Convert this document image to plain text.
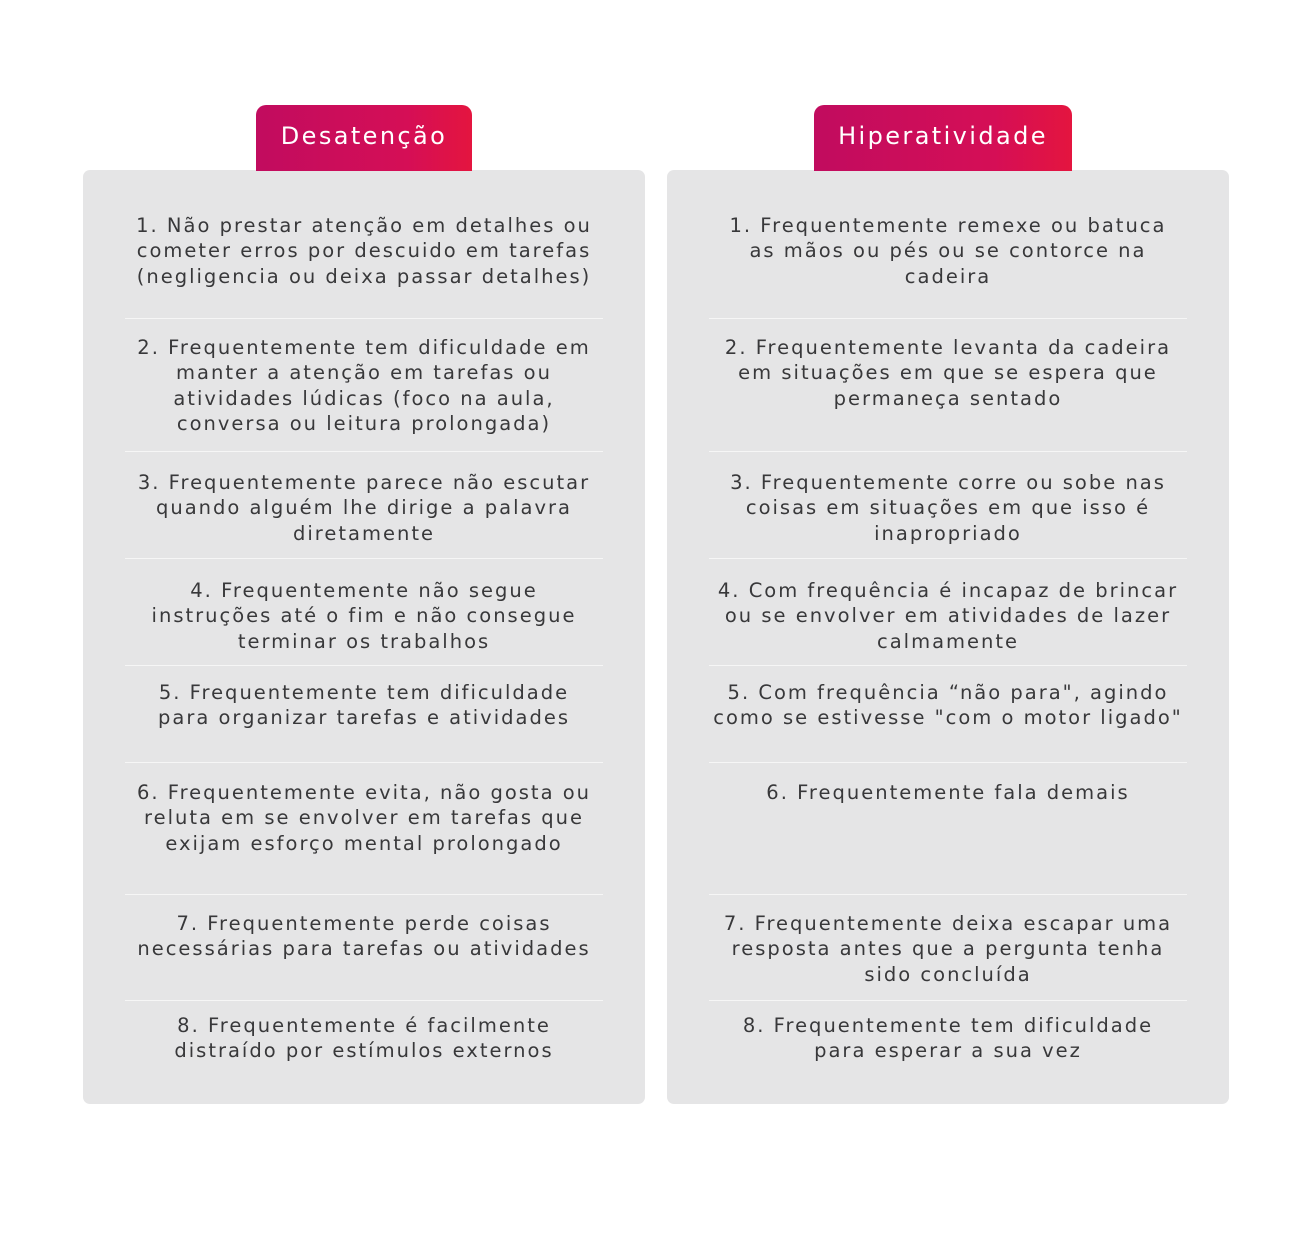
1. Não prestar atenção em detalhes ou cometer erros por descuido em tarefas (negligencia ou deixa passar detalhes)
2. Frequentemente tem dificuldade em manter a atenção em tarefas ou atividades lúdicas (foco na aula, conversa ou leitura prolongada)
3. Frequentemente parece não escutar quando alguém lhe dirige a palavra diretamente
4. Frequentemente não segue instruções até o fim e não consegue terminar os trabalhos
5. Frequentemente tem dificuldade para organizar tarefas e atividades
6. Frequentemente evita, não gosta ou reluta em se envolver em tarefas que exijam esforço mental prolongado
7. Frequentemente perde coisas necessárias para tarefas ou atividades
8. Frequentemente é facilmente distraído por estímulos externos
Desatenção
1. Frequentemente remexe ou batuca as mãos ou pés ou se contorce na cadeira
2. Frequentemente levanta da cadeira em situações em que se espera que permaneça sentado
3. Frequentemente corre ou sobe nas coisas em situações em que isso é inapropriado
4. Com frequência é incapaz de brincar ou se envolver em atividades de lazer calmamente
5. Com frequência “não para", agindo como se estivesse "com o motor ligado"
6. Frequentemente fala demais
7. Frequentemente deixa escapar uma resposta antes que a pergunta tenha sido concluída
8. Frequentemente tem dificuldade para esperar a sua vez
Hiperatividade
